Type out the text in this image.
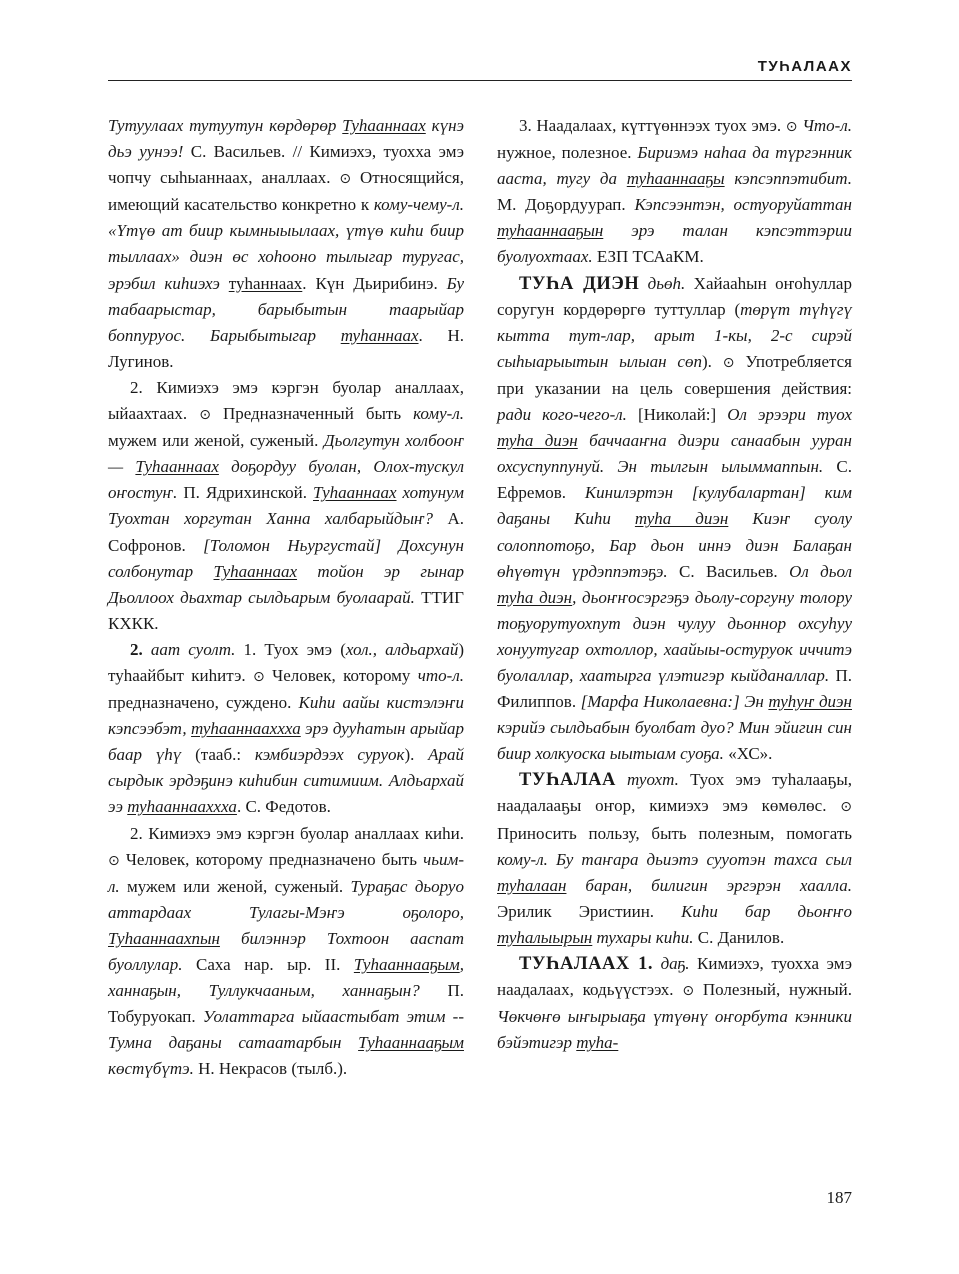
ТУҺАЛААХ

Тутуулаах тутуутун көрдөрөр Туһааннаах күнэ дьэ уунээ! С. Васильев. // Кимиэхэ, туохха эмэ чопчу сыһыаннаах, аналлаах. ⊙ Относящийся, имеющий касательство конкретно к кому-чему-л. «Үтүө ат биир кымныыылаах, үтүө киһи биир тыллаах» диэн өс хоһооно тылыгар туругас, эрэбил киһиэхэ туһаннаах. Күн Дьирибинэ. Бу табаарыстар, барыбытын таарыйар боппуруос. Барыбытыгар туһаннаах. Н. Лугинов.

2. Кимиэхэ эмэ кэргэн буолар аналлаах, ыйаахтаах. ⊙ Предназначенный быть кому-л. мужем или женой, суженый. Дьолгутун холбооҥ — Туһааннаах доҕордуу буолан, Олох-тускул оҥостуҥ. П. Ядрихинской. Туһааннаах хотунум Туохтан хоргутан Ханна халбарыйдыҥ? А. Софронов. [Толомон Ньургустай] Дохсунун солбонутар Туһааннаах тойон эр гынар Дьоллоох дьахтар сылдьарым буолаарай. ТТИГ КХКК.

2. аат суолт. 1. Туох эмэ (хол., алдьархай) туһаайбыт киһитэ. ⊙ Человек, которому что-л. предназначено, суждено. Киһи аайы кистэлэҥи кэпсээбэт, туһааннааххха эрэ дууһатын арыйар баар үһү (тааб.: кэмбиэрдээх суруок). Арай сырдык эрдэҕинэ киһибин ситимиим. Алдьархай ээ туһааннааххха. С. Федотов.

2. Кимиэхэ эмэ кэргэн буолар аналлаах киһи. ⊙ Человек, которому предназначено быть чьим-л. мужем или женой, суженый. Тураҕас дьоруо аттардаах Тулагы-Мэҥэ оҕолоро, Туһааннаахпын билэннэр Тохтоон ааспат буоллулар. Саха нар. ыр. II. Туһааннааҕым, ханнаҕын, Туллукчааным, ханнаҕын? П. Тобуруокап. Уолаттарга ыйаастыбат этим -- Тумна даҕаны сатаатарбын Туһааннааҕым көстүбүтэ. Н. Некрасов (тылб.).

3. Наадалаах, күттүөннээх туох эмэ. ⊙ Что-л. нужное, полезное. Бириэмэ наһаа да түргэнник ааста, тугу да туһааннааҕы кэпсэппэтибит. М. Доҕордуурап. Кэпсээнтэн, остуоруйаттан туһааннааҕын эрэ талан кэпсэттэрии буолуохтаах. ЕЗП ТСАаКМ.

ТУҺА ДИЭН дьөһ. Хайааһын оҥоһуллар соругун кордөрөргө туттуллар (төрүт түһүгү кытта тут-лар, арыт 1-кы, 2-с сирэй сыһыарыытын ылыан сөп). ⊙ Употребляется при указании на цель совершения действия: ради кого-чего-л. [Николай:] Ол эрээри туох туһа диэн баччааҥна диэри санаабын ууран охсуспуппунуй. Эн тылгын ылыммаппын. С. Ефремов. Кинилэртэн [кулубалартан] ким даҕаны Киһи туһа диэн Киэҥ суолу солоппотоҕо, Бар дьон иннэ диэн Балаҕан өһүөтүн үрдэппэтэҕэ. С. Васильев. Ол дьол туһа диэн, дьоҥҥосэргэҕэ дьолу-соргуну толору тоҕуорутуохпут диэн чулуу дьоннор охсуһуу хонуутугар охтоллор, хаайыы-остуруок иччитэ буолаллар, хаатырга үлэтигэр кыйданаллар. П. Филиппов. [Марфа Николаевна:] Эн туһуҥ диэн кэрийэ сылдьабын буолбат дуо? Мин эйигин син биир холкуоска ыытыам суоҕа. «ХС».

ТУҺАЛАА туохт. Туох эмэ туһалааҕы, наадалааҕы оҥор, кимиэхэ эмэ көмөлөс. ⊙ Приносить пользу, быть полезным, помогать кому-л. Бу таҥара дьиэтэ сууотэн тахса сыл туһалаан баран, билигин эргэрэн хаалла. Эрилик Эристиин. Киһи бар дьоҥҥо туһалыырын тухары киһи. С. Данилов.

ТУҺАЛААХ 1. даҕ. Кимиэхэ, туохха эмэ наадалаах, кодьүүстээх. ⊙ Полезный, нужный. Чөкчөҥө ыҥырыаҕа үтүөнү оҥорбута кэнники бэйэтигэр туһа-

187
